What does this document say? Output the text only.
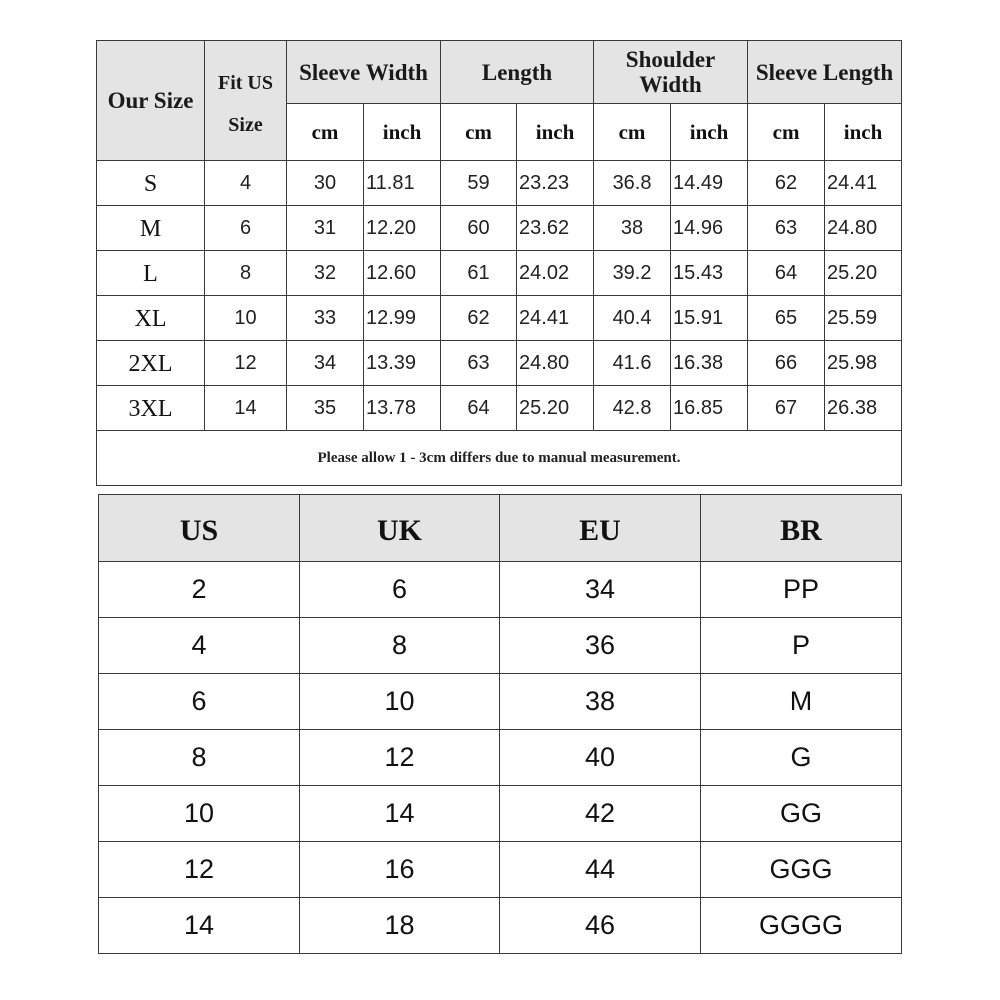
Our Size	Fit US
Size	Sleeve Width		Length		Shoulder Width		Sleeve Length	
		cm	inch	cm	inch	cm	inch	cm	inch
S	4	30	11.81	59	23.23	36.8	14.49	62	24.41
M	6	31	12.20	60	23.62	38	14.96	63	24.80
L	8	32	12.60	61	24.02	39.2	15.43	64	25.20
XL	10	33	12.99	62	24.41	40.4	15.91	65	25.59
2XL	12	34	13.39	63	24.80	41.6	16.38	66	25.98
3XL	14	35	13.78	64	25.20	42.8	16.85	67	26.38
Please allow 1 - 3cm differs due to manual measurement.									
US	UK	EU	BR
2	6	34	PP
4	8	36	P
6	10	38	M
8	12	40	G
10	14	42	GG
12	16	44	GGG
14	18	46	GGGG
